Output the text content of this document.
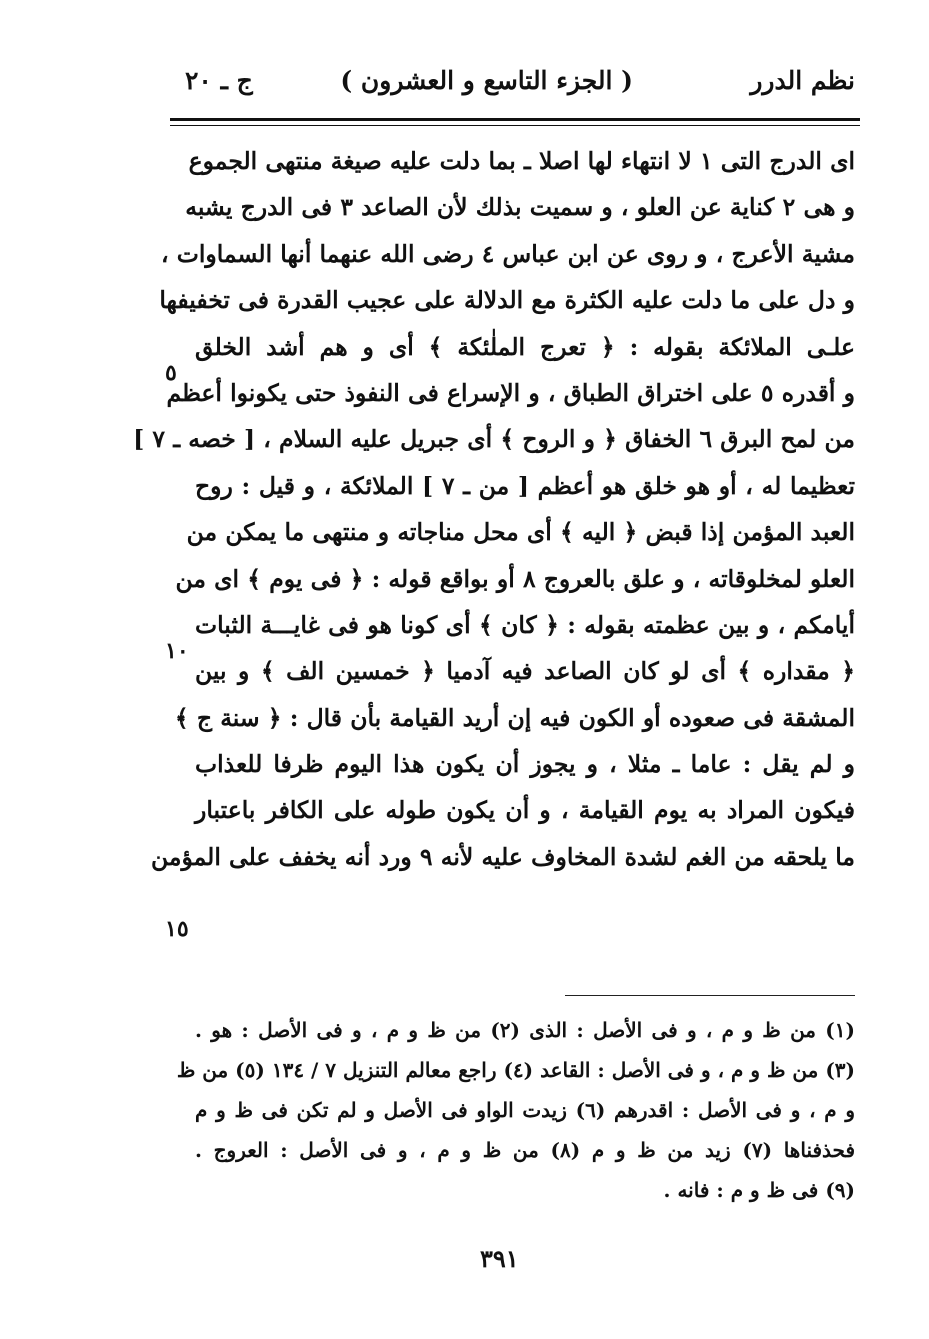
نظم الدرر
( الجزء التاسع و العشرون )
ج ـ ٢٠
اى الدرج التى ١ لا انتهاء لها اصلا ـ بما دلت عليه صيغة منتهى الجموع
و هى ٢ كناية عن العلو ، و سميت بذلك لأن الصاعد ٣ فى الدرج يشبه
مشية الأعرج ، و روى عن ابن عباس ٤ رضى الله عنهما أنها السماوات ،
و دل على ما دلت عليه الكثرة مع الدلالة على عجيب القدرة فى تخفيفها
علـى الملائكة بقوله : ﴿ تعرج الملٰئكة ﴾ أى و هم أشد الخلق
و أقدره ٥ على اختراق الطباق ، و الإسراع فى النفوذ حتى يكونوا أعظم
من لمح البرق ٦ الخفاق ﴿ و الروح ﴾ أى جبريل عليه السلام ، [ خصه ـ ٧ ]
تعظيما له ، أو هو خلق هو أعظم [ من ـ ٧ ] الملائكة ، و قيل : روح
العبد المؤمن إذا قبض ﴿ اليه ﴾ أى محل مناجاته و منتهى ما يمكن من
العلو لمخلوقاته ، و علق بالعروج ٨ أو بواقع قوله : ﴿ فى يوم ﴾ اى من
أيامكم ، و بين عظمته بقوله : ﴿ كان ﴾ أى كونا هو فى غايـــة الثبات
﴿ مقداره ﴾ أى لو كان الصاعد فيه آدميا ﴿ خمسين الف ﴾ و بين
المشقة فى صعوده أو الكون فيه إن أريد القيامة بأن قال : ﴿ سنة ج ﴾
و لم يقل : عاما ـ مثلا ، و يجوز أن يكون هذا اليوم ظرفا للعذاب
فيكون المراد به يوم القيامة ، و أن يكون طوله على الكافر باعتبار
ما يلحقه من الغم لشدة المخاوف عليه لأنه ٩ ورد أنه يخفف على المؤمن
٥
١٠
١٥
(١) من ظ و م ، و فى الأصل : الذى (٢) من ظ و م ، و فى الأصل : هو .
(٣) من ظ و م ، و فى الأصل : القاعد (٤) راجع معالم التنزيل ٧ / ١٣٤ (٥) من ظ
و م ، و فى الأصل : اقدرهم (٦) زيدت الواو فى الأصل و لم تكن فى ظ و م
فحذفناها (٧) زيد من ظ و م (٨) من ظ و م ، و فى الأصل : العروج .
(٩) فى ظ و م : فانه .
٣٩١
